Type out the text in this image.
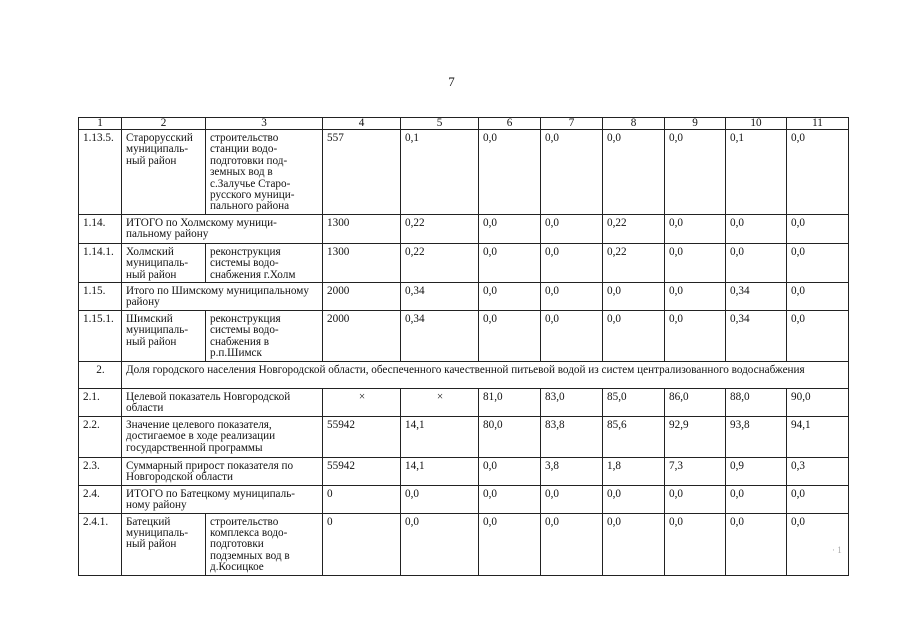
7
1	2	3	4	5	6	7	8	9	10	11
1.13.5.	Старорусский муниципаль-ный район	строительство станции водо-подготовки под-земных вод в с.Залучье Старо-русского муници-пального района	557	0,1	0,0	0,0	0,0	0,0	0,1	0,0
1.14.	ИТОГО по Холмскому муници-пальному району		1300	0,22	0,0	0,0	0,22	0,0	0,0	0,0
1.14.1.	Холмский муниципаль-ный район	реконструкция системы водо-снабжения г.Холм	1300	0,22	0,0	0,0	0,22	0,0	0,0	0,0
1.15.	Итого по Шимскому муниципальному району		2000	0,34	0,0	0,0	0,0	0,0	0,34	0,0
1.15.1.	Шимский муниципаль-ный район	реконструкция системы водо-снабжения в р.п.Шимск	2000	0,34	0,0	0,0	0,0	0,0	0,34	0,0
2.	Доля городского населения Новгородской области, обеспеченного качественной питьевой водой из систем централизованного водоснабжения									
2.1.	Целевой показатель Новгородской области		×	×	81,0	83,0	85,0	86,0	88,0	90,0
2.2.	Значение целевого показателя, достигаемое в ходе реализации государственной программы		55942	14,1	80,0	83,8	85,6	92,9	93,8	94,1
2.3.	Суммарный прирост показателя по Новгородской области		55942	14,1	0,0	3,8	1,8	7,3	0,9	0,3
2.4.	ИТОГО по Батецкому муниципаль-ному району		0	0,0	0,0	0,0	0,0	0,0	0,0	0,0
2.4.1.	Батецкий муниципаль-ный район	строительство комплекса водо-подготовки подземных вод в д.Косицкое	0	0,0	0,0	0,0	0,0	0,0	0,0	0,0
· 1
